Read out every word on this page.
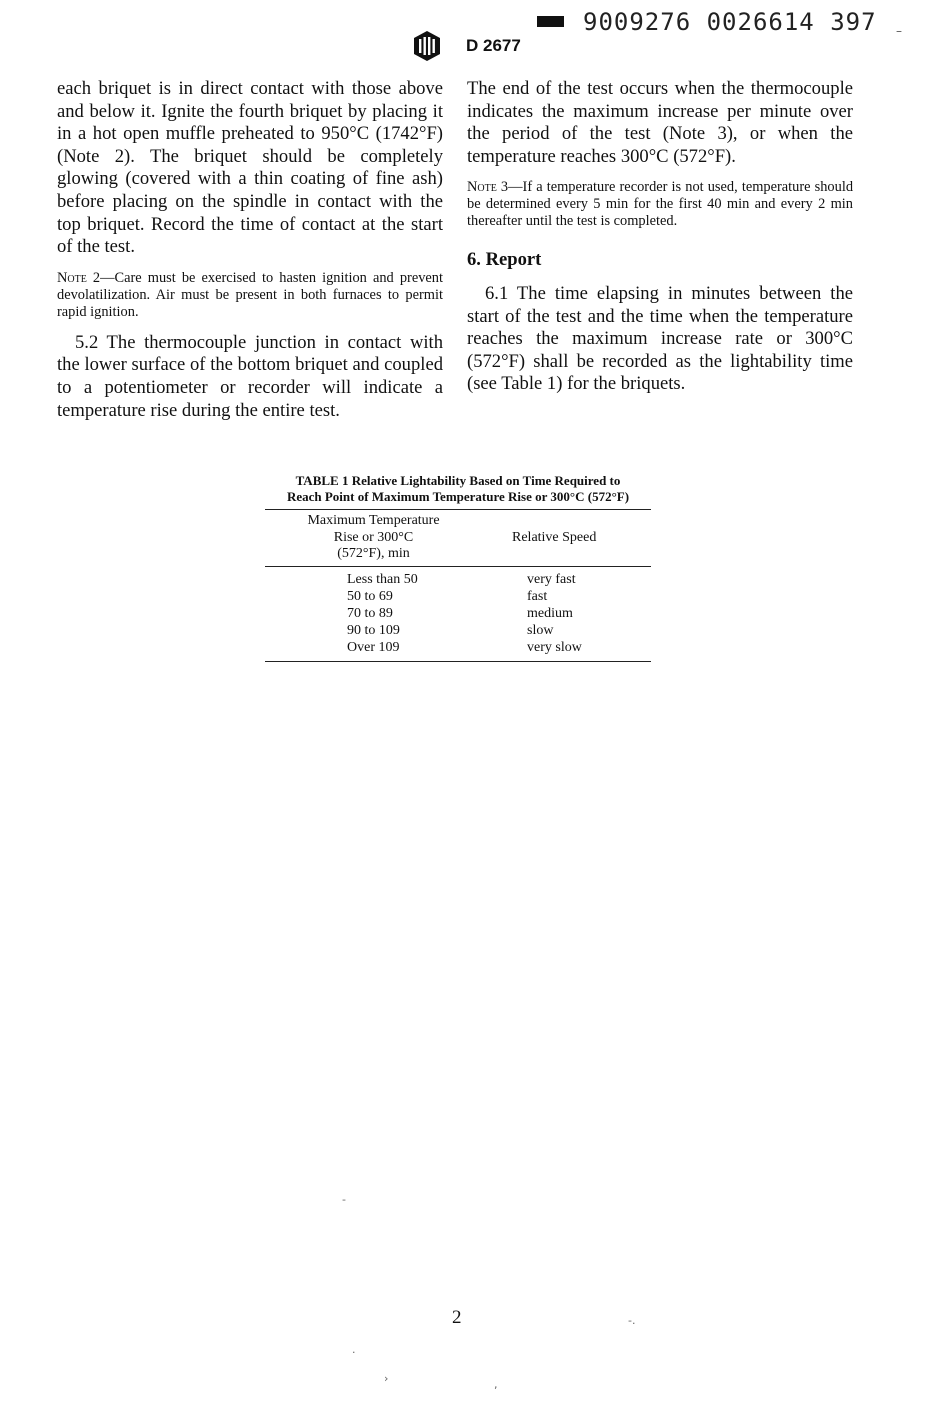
9009276 0026614 397 –
D 2677

each briquet is in direct contact with those above and below it. Ignite the fourth briquet by placing it in a hot open muffle preheated to 950°C (1742°F) (Note 2). The briquet should be completely glowing (covered with a thin coating of fine ash) before placing on the spindle in contact with the top briquet. Record the time of contact at the start of the test.

Note 2—Care must be exercised to hasten ignition and prevent devolatilization. Air must be present in both furnaces to permit rapid ignition.

5.2 The thermocouple junction in contact with the lower surface of the bottom briquet and coupled to a potentiometer or recorder will indicate a temperature rise during the entire test.

The end of the test occurs when the thermocouple indicates the maximum increase per minute over the period of the test (Note 3), or when the temperature reaches 300°C (572°F).

Note 3—If a temperature recorder is not used, temperature should be determined every 5 min for the first 40 min and every 2 min thereafter until the test is completed.

6. Report

6.1 The time elapsing in minutes between the start of the test and the time when the temperature reaches the maximum increase rate or 300°C (572°F) shall be recorded as the lightability time (see Table 1) for the briquets.

TABLE 1 Relative Lightability Based on Time Required to
Reach Point of Maximum Temperature Rise or 300°C (572°F)
Maximum Temperature
Rise or 300°C
(572°F), min
Relative Speed
Less than 50	very fast
50 to 69	fast
70 to 89	medium
90 to 109	slow
Over 109	very slow
2
-
-.
·
›	,
